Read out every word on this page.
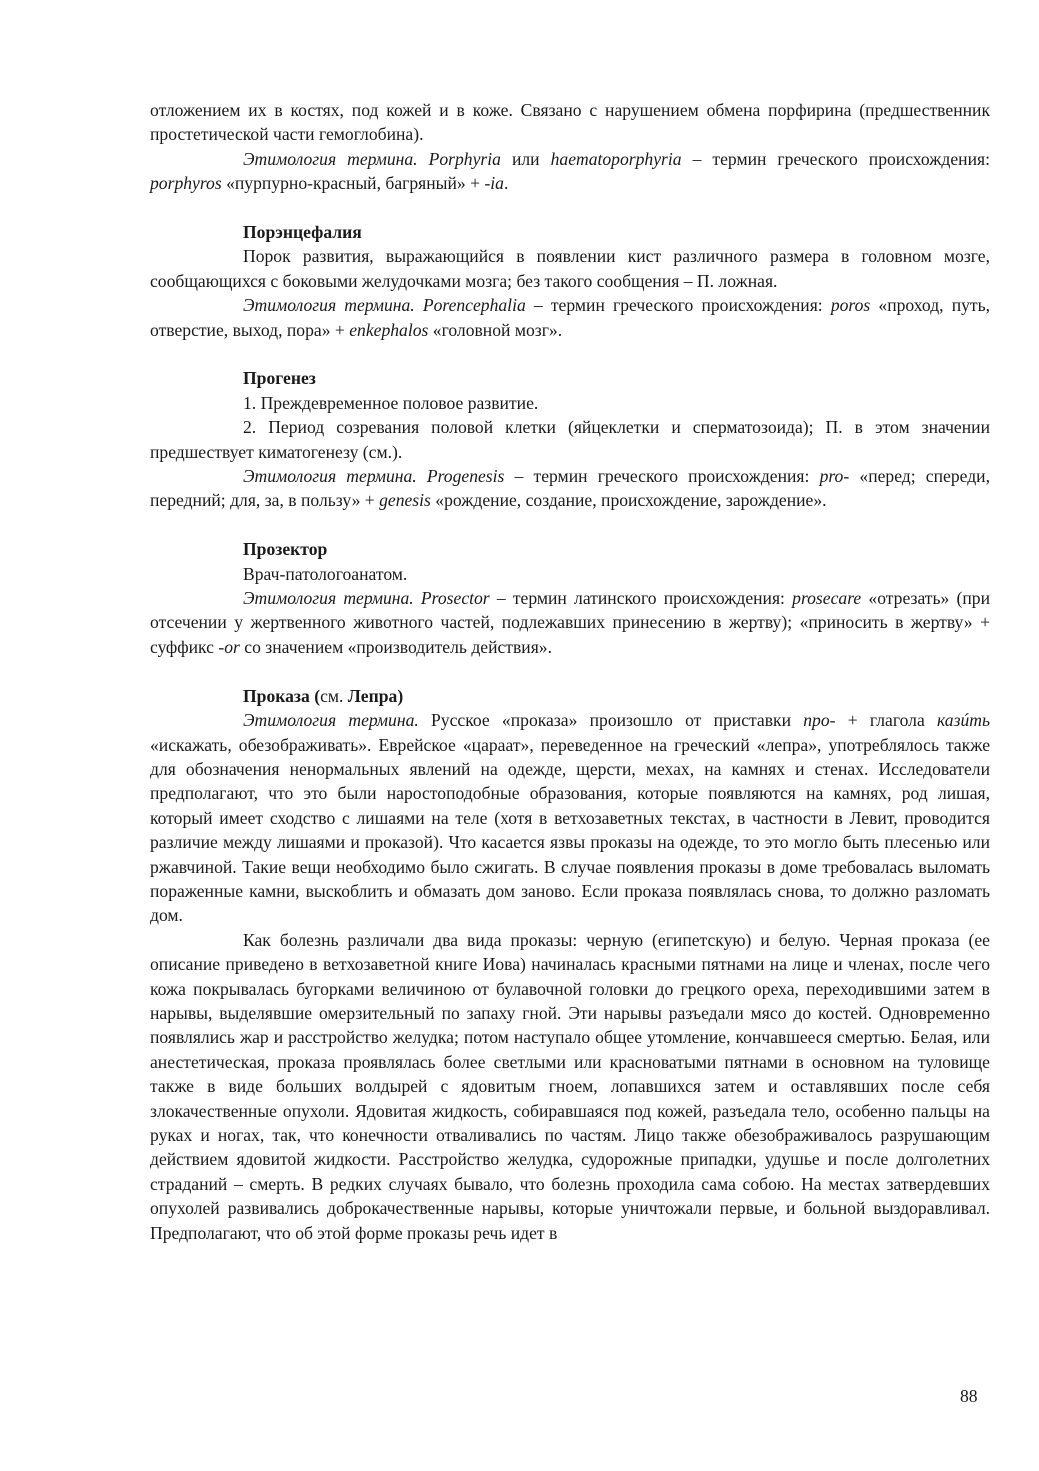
отложением их в костях, под кожей и в коже. Связано с нарушением обмена порфирина (предшественник простетической части гемоглобина).

Этимология термина. Porphyria или haematoporphyria – термин греческого происхождения: porphyros «пурпурно-красный, багряный» + -ia.

Порэнцефалия

Порок развития, выражающийся в появлении кист различного размера в головном мозге, сообщающихся с боковыми желудочками мозга; без такого сообщения – П. ложная.

Этимология термина. Porencephalia – термин греческого происхождения: poros «проход, путь, отверстие, выход, пора» + enkephalos «головной мозг».

Прогенез

1. Преждевременное половое развитие.

2. Период созревания половой клетки (яйцеклетки и сперматозоида); П. в этом значении предшествует киматогенезу (см.).

Этимология термина. Progenesis – термин греческого происхождения: pro- «перед; спереди, передний; для, за, в пользу» + genesis «рождение, создание, происхождение, зарождение».

Прозектор

Врач-патологоанатом.

Этимология термина. Prosector – термин латинского происхождения: prosecare «отрезать» (при отсечении у жертвенного животного частей, подлежавших принесению в жертву); «приносить в жертву» + суффикс -or со значением «производитель действия».

Проказа (см. Лепра)

Этимология термина. Русское «проказа» произошло от приставки про- + глагола казúть «искажать, обезображивать». Еврейское «цараат», переведенное на греческий «лепра», употреблялось также для обозначения ненормальных явлений на одежде, щерсти, мехах, на камнях и стенах. Исследователи предполагают, что это были наростоподобные образования, которые появляются на камнях, род лишая, который имеет сходство с лишаями на теле (хотя в ветхозаветных текстах, в частности в Левит, проводится различие между лишаями и проказой). Что касается язвы проказы на одежде, то это могло быть плесенью или ржавчиной. Такие вещи необходимо было сжигать. В случае появления проказы в доме требовалась выломать пораженные камни, выскоблить и обмазать дом заново. Если проказа появлялась снова, то должно разломать дом.

Как болезнь различали два вида проказы: черную (египетскую) и белую. Черная проказа (ее описание приведено в ветхозаветной книге Иова) начиналась красными пятнами на лице и членах, после чего кожа покрывалась бугорками величиною от булавочной головки до грецкого ореха, переходившими затем в нарывы, выделявшие омерзительный по запаху гной. Эти нарывы разъедали мясо до костей. Одновременно появлялись жар и расстройство желудка; потом наступало общее утомление, кончавшееся смертью. Белая, или анестетическая, проказа проявлялась более светлыми или красноватыми пятнами в основном на туловище также в виде больших волдырей с ядовитым гноем, лопавшихся затем и оставлявших после себя злокачественные опухоли. Ядовитая жидкость, собиравшаяся под кожей, разъедала тело, особенно пальцы на руках и ногах, так, что конечности отваливались по частям. Лицо также обезображивалось разрушающим действием ядовитой жидкости. Расстройство желудка, судорожные припадки, удушье и после долголетних страданий – смерть. В редких случаях бывало, что болезнь проходила сама собою. На местах затвердевших опухолей развивались доброкачественные нарывы, которые уничтожали первые, и больной выздоравливал. Предполагают, что об этой форме проказы речь идет в

88
